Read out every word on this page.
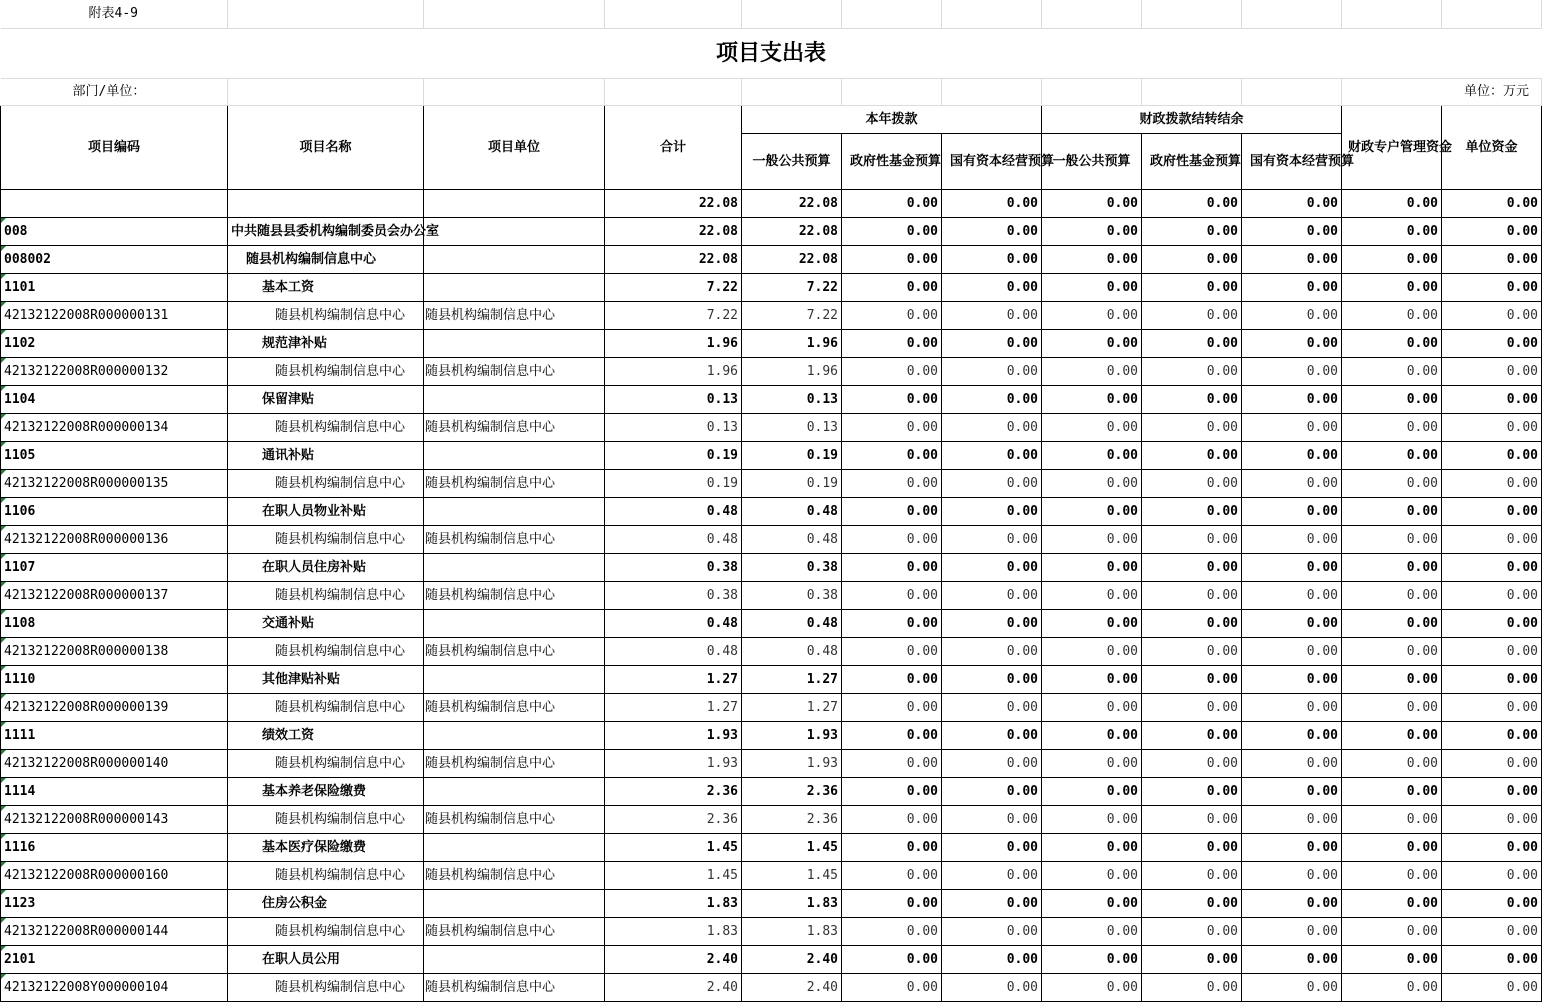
附表4-9											
项目支出表											
部门/单位：										单位：万元	
项目编码	项目名称	项目单位	合计	本年拨款			财政拨款结转结余			财政专户管理资金	单位资金
				一般公共预算	政府性基金预算	国有资本经营预算	一般公共预算	政府性基金预算	国有资本经营预算		
			22.08	22.08	0.00	0.00	0.00	0.00	0.00	0.00	0.00
008	中共随县县委机构编制委员会办公室		22.08	22.08	0.00	0.00	0.00	0.00	0.00	0.00	0.00
008002	随县机构编制信息中心		22.08	22.08	0.00	0.00	0.00	0.00	0.00	0.00	0.00
1101	基本工资		7.22	7.22	0.00	0.00	0.00	0.00	0.00	0.00	0.00
42132122008R000000131	随县机构编制信息中心	随县机构编制信息中心	7.22	7.22	0.00	0.00	0.00	0.00	0.00	0.00	0.00
1102	规范津补贴		1.96	1.96	0.00	0.00	0.00	0.00	0.00	0.00	0.00
42132122008R000000132	随县机构编制信息中心	随县机构编制信息中心	1.96	1.96	0.00	0.00	0.00	0.00	0.00	0.00	0.00
1104	保留津贴		0.13	0.13	0.00	0.00	0.00	0.00	0.00	0.00	0.00
42132122008R000000134	随县机构编制信息中心	随县机构编制信息中心	0.13	0.13	0.00	0.00	0.00	0.00	0.00	0.00	0.00
1105	通讯补贴		0.19	0.19	0.00	0.00	0.00	0.00	0.00	0.00	0.00
42132122008R000000135	随县机构编制信息中心	随县机构编制信息中心	0.19	0.19	0.00	0.00	0.00	0.00	0.00	0.00	0.00
1106	在职人员物业补贴		0.48	0.48	0.00	0.00	0.00	0.00	0.00	0.00	0.00
42132122008R000000136	随县机构编制信息中心	随县机构编制信息中心	0.48	0.48	0.00	0.00	0.00	0.00	0.00	0.00	0.00
1107	在职人员住房补贴		0.38	0.38	0.00	0.00	0.00	0.00	0.00	0.00	0.00
42132122008R000000137	随县机构编制信息中心	随县机构编制信息中心	0.38	0.38	0.00	0.00	0.00	0.00	0.00	0.00	0.00
1108	交通补贴		0.48	0.48	0.00	0.00	0.00	0.00	0.00	0.00	0.00
42132122008R000000138	随县机构编制信息中心	随县机构编制信息中心	0.48	0.48	0.00	0.00	0.00	0.00	0.00	0.00	0.00
1110	其他津贴补贴		1.27	1.27	0.00	0.00	0.00	0.00	0.00	0.00	0.00
42132122008R000000139	随县机构编制信息中心	随县机构编制信息中心	1.27	1.27	0.00	0.00	0.00	0.00	0.00	0.00	0.00
1111	绩效工资		1.93	1.93	0.00	0.00	0.00	0.00	0.00	0.00	0.00
42132122008R000000140	随县机构编制信息中心	随县机构编制信息中心	1.93	1.93	0.00	0.00	0.00	0.00	0.00	0.00	0.00
1114	基本养老保险缴费		2.36	2.36	0.00	0.00	0.00	0.00	0.00	0.00	0.00
42132122008R000000143	随县机构编制信息中心	随县机构编制信息中心	2.36	2.36	0.00	0.00	0.00	0.00	0.00	0.00	0.00
1116	基本医疗保险缴费		1.45	1.45	0.00	0.00	0.00	0.00	0.00	0.00	0.00
42132122008R000000160	随县机构编制信息中心	随县机构编制信息中心	1.45	1.45	0.00	0.00	0.00	0.00	0.00	0.00	0.00
1123	住房公积金		1.83	1.83	0.00	0.00	0.00	0.00	0.00	0.00	0.00
42132122008R000000144	随县机构编制信息中心	随县机构编制信息中心	1.83	1.83	0.00	0.00	0.00	0.00	0.00	0.00	0.00
2101	在职人员公用		2.40	2.40	0.00	0.00	0.00	0.00	0.00	0.00	0.00
42132122008Y000000104	随县机构编制信息中心	随县机构编制信息中心	2.40	2.40	0.00	0.00	0.00	0.00	0.00	0.00	0.00
